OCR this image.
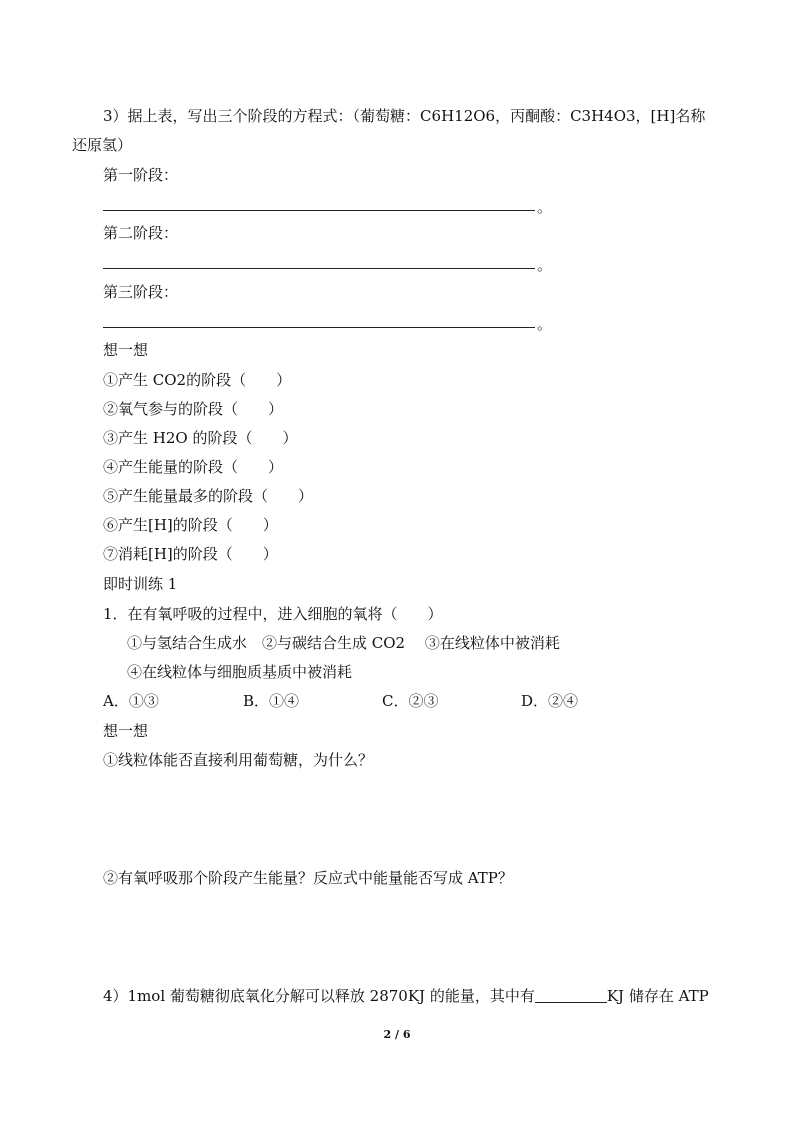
3）据上表，写出三个阶段的方程式：（葡萄糖：C6H12O6，丙酮酸：C3H4O3，[H]名称
还原氢）
第一阶段：
。
第二阶段：
。
第三阶段：
。
想一想
①产生 CO2的阶段（　　）
②氧气参与的阶段（　　）
③产生 H2O 的阶段（　　）
④产生能量的阶段（　　）
⑤产生能量最多的阶段（　　）
⑥产生[H]的阶段（　　）
⑦消耗[H]的阶段（　　）
即时训练 1
1．在有氧呼吸的过程中，进入细胞的氧将（　　）
①与氢结合生成水　②与碳结合生成 CO2　 ③在线粒体中被消耗
④在线粒体与细胞质基质中被消耗
A．①③	B．①④	C．②③	D．②④
想一想
①线粒体能否直接利用葡萄糖，为什么？
②有氧呼吸那个阶段产生能量？反应式中能量能否写成 ATP？
4）1mol 葡萄糖彻底氧化分解可以释放 2870KJ 的能量，其中有	KJ 储存在 ATP
2 / 6
